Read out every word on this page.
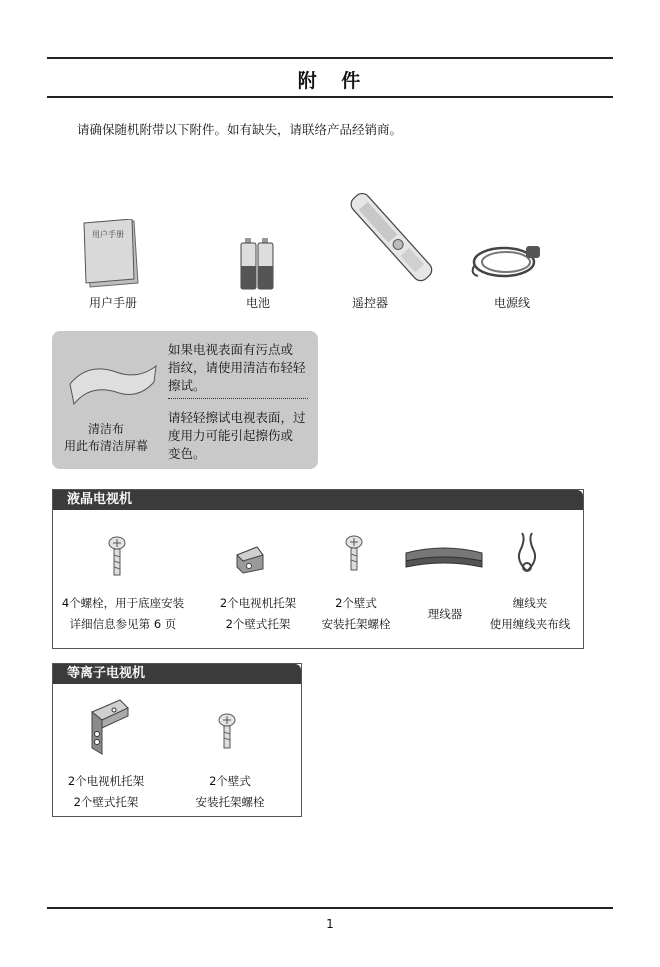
附 件
请确保随机附带以下附件。如有缺失，请联络产品经销商。
用户手册
用户手册	电池	遥控器	电源线
清洁布
用此布清洁屏幕
如果电视表面有污点或
指纹，请使用清洁布轻轻
擦试。
请轻轻擦试电视表面，过
度用力可能引起擦伤或
变色。
液晶电视机
4个螺栓，用于底座安装
详细信息参见第 6 页
2个电视机托架
2个壁式托架
2个壁式
安装托架螺栓
理线器
缠线夹
使用缠线夹布线
等离子电视机
2个电视机托架
2个壁式托架
2个壁式
安装托架螺栓
1
